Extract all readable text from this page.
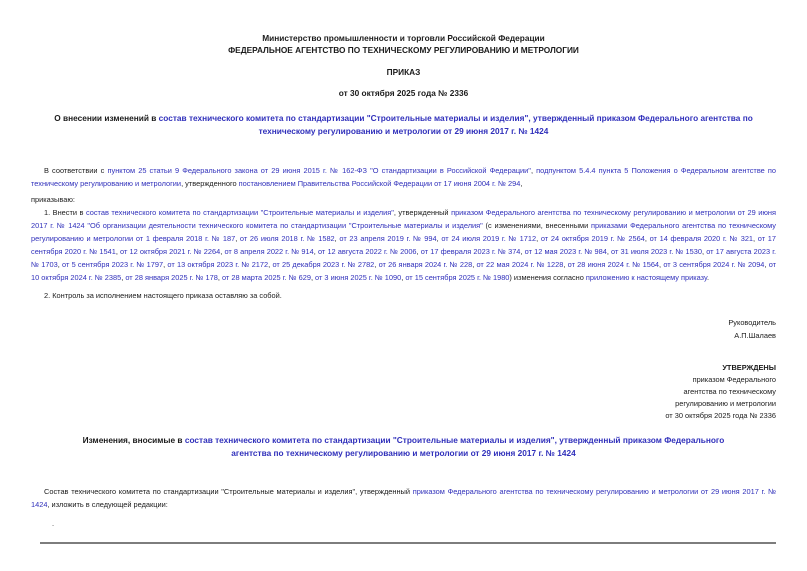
Министерство промышленности и торговли Российской Федерации
ФЕДЕРАЛЬНОЕ АГЕНТСТВО ПО ТЕХНИЧЕСКОМУ РЕГУЛИРОВАНИЮ И МЕТРОЛОГИИ
ПРИКАЗ
от 30 октября 2025 года № 2336
О внесении изменений в состав технического комитета по стандартизации "Строительные материалы и изделия", утвержденный приказом Федерального агентства по техническому регулированию и метрологии от 29 июня 2017 г. № 1424
В соответствии с пунктом 25 статьи 9 Федерального закона от 29 июня 2015 г. № 162-ФЗ "О стандартизации в Российской Федерации", подпунктом 5.4.4 пункта 5 Положения о Федеральном агентстве по техническому регулированию и метрологии, утвержденного постановлением Правительства Российской Федерации от 17 июня 2004 г. № 294,
приказываю:
1. Внести в состав технического комитета по стандартизации "Строительные материалы и изделия", утвержденный приказом Федерального агентства по техническому регулированию и метрологии от 29 июня 2017 г. № 1424 "Об организации деятельности технического комитета по стандартизации "Строительные материалы и изделия" (с изменениями, внесенными приказами Федерального агентства по техническому регулированию и метрологии от 1 февраля 2018 г. № 187, от 26 июля 2018 г. № 1582, от 23 апреля 2019 г. № 994, от 24 июля 2019 г. № 1712, от 24 октября 2019 г. № 2564, от 14 февраля 2020 г. № 321, от 17 сентября 2020 г. № 1541, от 12 октября 2021 г. № 2264, от 8 апреля 2022 г. № 914, от 12 августа 2022 г. № 2006, от 17 февраля 2023 г. № 374, от 12 мая 2023 г. № 984, от 31 июля 2023 г. № 1530, от 17 августа 2023 г. № 1703, от 5 сентября 2023 г. № 1797, от 13 октября 2023 г. № 2172, от 25 декабря 2023 г. № 2782, от 26 января 2024 г. № 228, от 22 мая 2024 г. № 1228, от 28 июня 2024 г. № 1564, от 3 сентября 2024 г. № 2094, от 10 октября 2024 г. № 2385, от 28 января 2025 г. № 178, от 28 марта 2025 г. № 629, от 3 июня 2025 г. № 1090, от 15 сентября 2025 г. № 1980) изменения согласно приложению к настоящему приказу.
2. Контроль за исполнением настоящего приказа оставляю за собой.
Руководитель
А.П.Шалаев
УТВЕРЖДЕНЫ
приказом Федерального
агентства по техническому
регулированию и метрологии
от 30 октября 2025 года № 2336
Изменения, вносимые в состав технического комитета по стандартизации "Строительные материалы и изделия", утвержденный приказом Федерального агентства по техническому регулированию и метрологии от 29 июня 2017 г. № 1424
Состав технического комитета по стандартизации "Строительные материалы и изделия", утвержденный приказом Федерального агентства по техническому регулированию и метрологии от 29 июня 2017 г. № 1424, изложить в следующей редакции:
.
